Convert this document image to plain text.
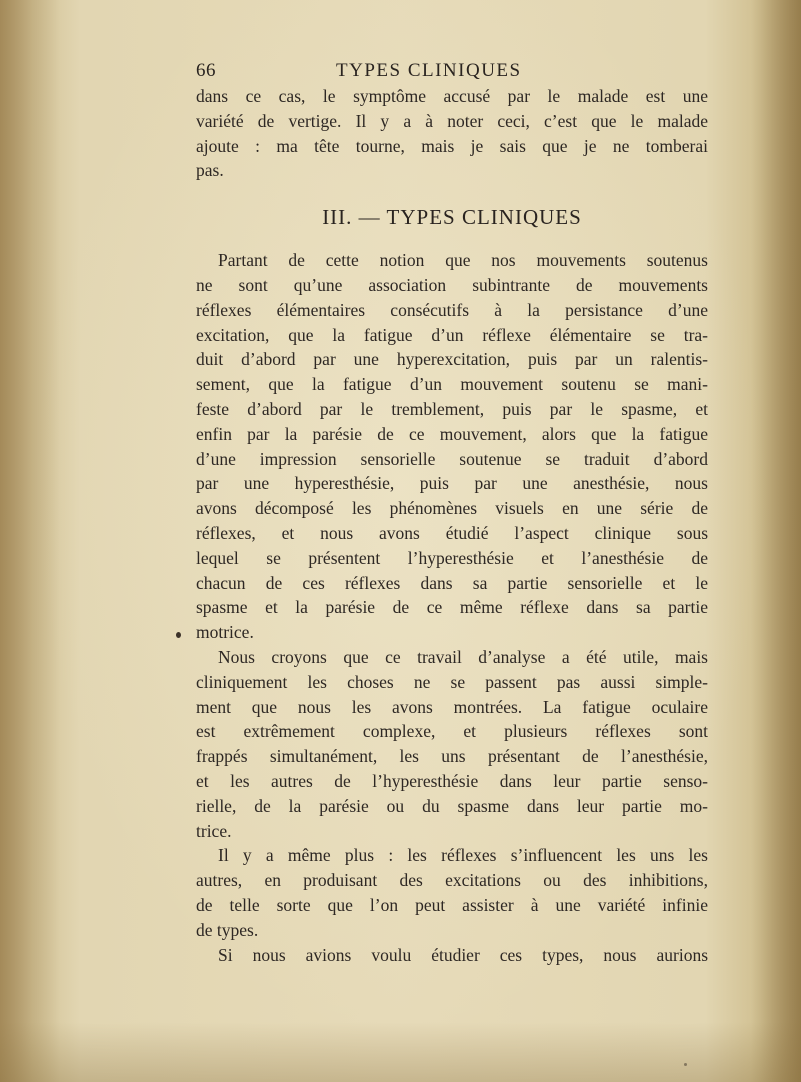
66	TYPES CLINIQUES
dans ce cas, le symptôme accusé par le malade est une
variété de vertige. Il y a à noter ceci, c’est que le malade
ajoute : ma tête tourne, mais je sais que je ne tomberai
pas.
III. — TYPES CLINIQUES
Partant de cette notion que nos mouvements soutenus
ne sont qu’une association subintrante de mouvements
réflexes élémentaires consécutifs à la persistance d’une
excitation, que la fatigue d’un réflexe élémentaire se tra-
duit d’abord par une hyperexcitation, puis par un ralentis-
sement, que la fatigue d’un mouvement soutenu se mani-
feste d’abord par le tremblement, puis par le spasme, et
enfin par la parésie de ce mouvement, alors que la fatigue
d’une impression sensorielle soutenue se traduit d’abord
par une hyperesthésie, puis par une anesthésie, nous
avons décomposé les phénomènes visuels en une série de
réflexes, et nous avons étudié l’aspect clinique sous
lequel se présentent l’hyperesthésie et l’anesthésie de
chacun de ces réflexes dans sa partie sensorielle et le
spasme et la parésie de ce même réflexe dans sa partie
motrice.
Nous croyons que ce travail d’analyse a été utile, mais
cliniquement les choses ne se passent pas aussi simple-
ment que nous les avons montrées. La fatigue oculaire
est extrêmement complexe, et plusieurs réflexes sont
frappés simultanément, les uns présentant de l’anesthésie,
et les autres de l’hyperesthésie dans leur partie senso-
rielle, de la parésie ou du spasme dans leur partie mo-
trice.
Il y a même plus : les réflexes s’influencent les uns les
autres, en produisant des excitations ou des inhibitions,
de telle sorte que l’on peut assister à une variété infinie
de types.
Si nous avions voulu étudier ces types, nous aurions
